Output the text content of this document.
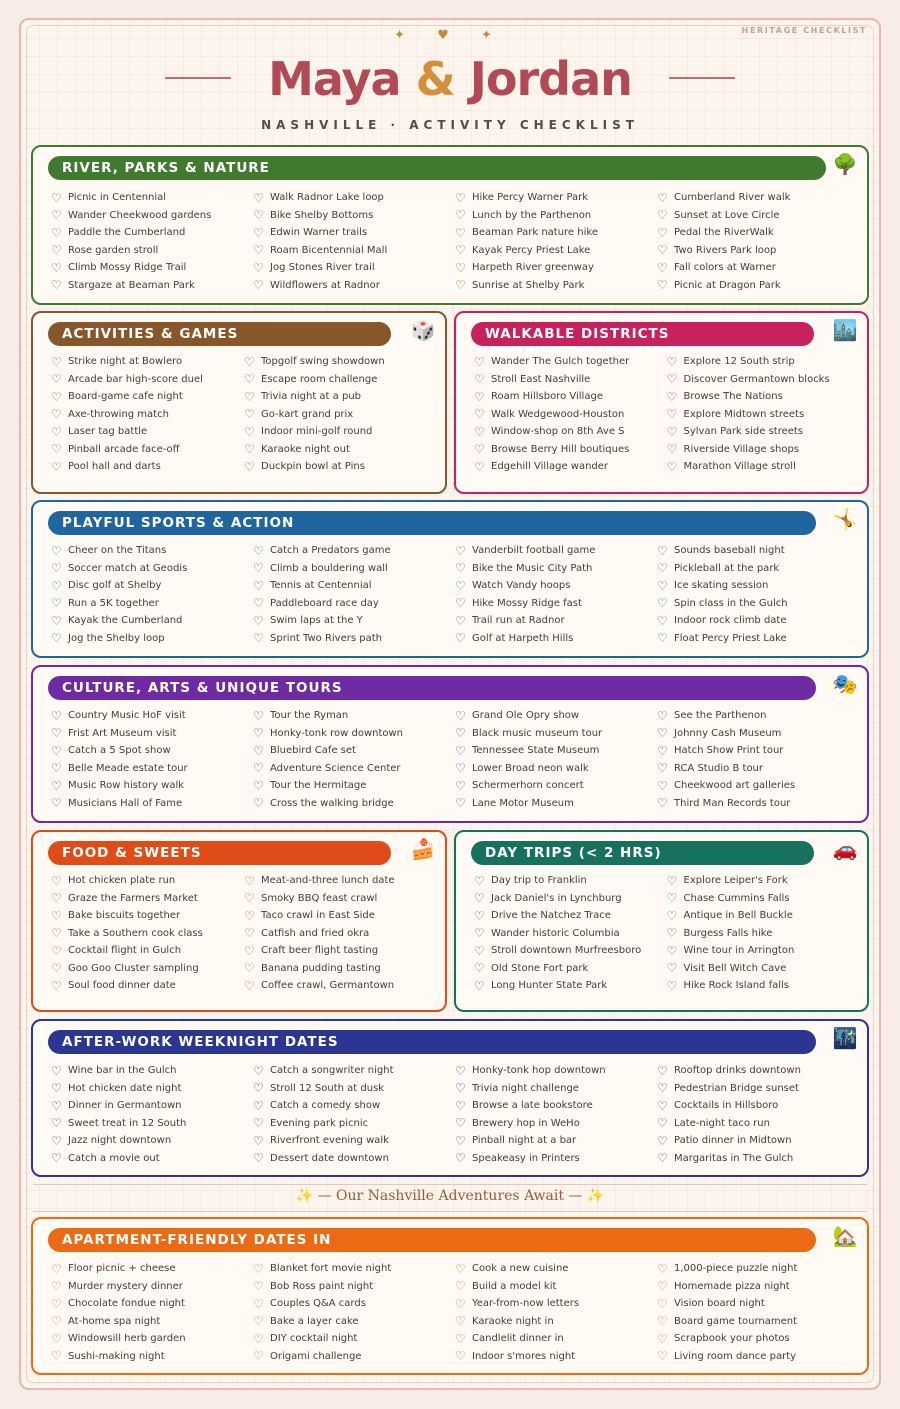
HERITAGE CHECKLIST
✦ ♥ ✦
Maya & Jordan
NASHVILLE · ACTIVITY CHECKLIST
RIVER, PARKS & NATURE	🌳
♡ Picnic in Centennial
♡ Wander Cheekwood gardens
♡ Paddle the Cumberland
♡ Rose garden stroll
♡ Climb Mossy Ridge Trail
♡ Stargaze at Beaman Park
♡ Walk Radnor Lake loop
♡ Bike Shelby Bottoms
♡ Edwin Warner trails
♡ Roam Bicentennial Mall
♡ Jog Stones River trail
♡ Wildflowers at Radnor
♡ Hike Percy Warner Park
♡ Lunch by the Parthenon
♡ Beaman Park nature hike
♡ Kayak Percy Priest Lake
♡ Harpeth River greenway
♡ Sunrise at Shelby Park
♡ Cumberland River walk
♡ Sunset at Love Circle
♡ Pedal the RiverWalk
♡ Two Rivers Park loop
♡ Fall colors at Warner
♡ Picnic at Dragon Park
ACTIVITIES & GAMES	🎲
♡ Strike night at Bowlero
♡ Arcade bar high-score duel
♡ Board-game cafe night
♡ Axe-throwing match
♡ Laser tag battle
♡ Pinball arcade face-off
♡ Pool hall and darts
♡ Topgolf swing showdown
♡ Escape room challenge
♡ Trivia night at a pub
♡ Go-kart grand prix
♡ Indoor mini-golf round
♡ Karaoke night out
♡ Duckpin bowl at Pins
WALKABLE DISTRICTS	🏙️
♡ Wander The Gulch together
♡ Stroll East Nashville
♡ Roam Hillsboro Village
♡ Walk Wedgewood-Houston
♡ Window-shop on 8th Ave S
♡ Browse Berry Hill boutiques
♡ Edgehill Village wander
♡ Explore 12 South strip
♡ Discover Germantown blocks
♡ Browse The Nations
♡ Explore Midtown streets
♡ Sylvan Park side streets
♡ Riverside Village shops
♡ Marathon Village stroll
PLAYFUL SPORTS & ACTION	🤸
♡ Cheer on the Titans
♡ Soccer match at Geodis
♡ Disc golf at Shelby
♡ Run a 5K together
♡ Kayak the Cumberland
♡ Jog the Shelby loop
♡ Catch a Predators game
♡ Climb a bouldering wall
♡ Tennis at Centennial
♡ Paddleboard race day
♡ Swim laps at the Y
♡ Sprint Two Rivers path
♡ Vanderbilt football game
♡ Bike the Music City Path
♡ Watch Vandy hoops
♡ Hike Mossy Ridge fast
♡ Trail run at Radnor
♡ Golf at Harpeth Hills
♡ Sounds baseball night
♡ Pickleball at the park
♡ Ice skating session
♡ Spin class in the Gulch
♡ Indoor rock climb date
♡ Float Percy Priest Lake
CULTURE, ARTS & UNIQUE TOURS	🎭
♡ Country Music HoF visit
♡ Frist Art Museum visit
♡ Catch a 5 Spot show
♡ Belle Meade estate tour
♡ Music Row history walk
♡ Musicians Hall of Fame
♡ Tour the Ryman
♡ Honky-tonk row downtown
♡ Bluebird Cafe set
♡ Adventure Science Center
♡ Tour the Hermitage
♡ Cross the walking bridge
♡ Grand Ole Opry show
♡ Black music museum tour
♡ Tennessee State Museum
♡ Lower Broad neon walk
♡ Schermerhorn concert
♡ Lane Motor Museum
♡ See the Parthenon
♡ Johnny Cash Museum
♡ Hatch Show Print tour
♡ RCA Studio B tour
♡ Cheekwood art galleries
♡ Third Man Records tour
FOOD & SWEETS	🍰
♡ Hot chicken plate run
♡ Graze the Farmers Market
♡ Bake biscuits together
♡ Take a Southern cook class
♡ Cocktail flight in Gulch
♡ Goo Goo Cluster sampling
♡ Soul food dinner date
♡ Meat-and-three lunch date
♡ Smoky BBQ feast crawl
♡ Taco crawl in East Side
♡ Catfish and fried okra
♡ Craft beer flight tasting
♡ Banana pudding tasting
♡ Coffee crawl, Germantown
DAY TRIPS (< 2 HRS)	🚗
♡ Day trip to Franklin
♡ Jack Daniel's in Lynchburg
♡ Drive the Natchez Trace
♡ Wander historic Columbia
♡ Stroll downtown Murfreesboro
♡ Old Stone Fort park
♡ Long Hunter State Park
♡ Explore Leiper's Fork
♡ Chase Cummins Falls
♡ Antique in Bell Buckle
♡ Burgess Falls hike
♡ Wine tour in Arrington
♡ Visit Bell Witch Cave
♡ Hike Rock Island falls
AFTER-WORK WEEKNIGHT DATES	🌃
♡ Wine bar in the Gulch
♡ Hot chicken date night
♡ Dinner in Germantown
♡ Sweet treat in 12 South
♡ Jazz night downtown
♡ Catch a movie out
♡ Catch a songwriter night
♡ Stroll 12 South at dusk
♡ Catch a comedy show
♡ Evening park picnic
♡ Riverfront evening walk
♡ Dessert date downtown
♡ Honky-tonk hop downtown
♡ Trivia night challenge
♡ Browse a late bookstore
♡ Brewery hop in WeHo
♡ Pinball night at a bar
♡ Speakeasy in Printers
♡ Rooftop drinks downtown
♡ Pedestrian Bridge sunset
♡ Cocktails in Hillsboro
♡ Late-night taco run
♡ Patio dinner in Midtown
♡ Margaritas in The Gulch
✨ — Our Nashville Adventures Await — ✨
APARTMENT-FRIENDLY DATES IN	🏡
♡ Floor picnic + cheese
♡ Murder mystery dinner
♡ Chocolate fondue night
♡ At-home spa night
♡ Windowsill herb garden
♡ Sushi-making night
♡ Blanket fort movie night
♡ Bob Ross paint night
♡ Couples Q&A cards
♡ Bake a layer cake
♡ DIY cocktail night
♡ Origami challenge
♡ Cook a new cuisine
♡ Build a model kit
♡ Year-from-now letters
♡ Karaoke night in
♡ Candlelit dinner in
♡ Indoor s'mores night
♡ 1,000-piece puzzle night
♡ Homemade pizza night
♡ Vision board night
♡ Board game tournament
♡ Scrapbook your photos
♡ Living room dance party
